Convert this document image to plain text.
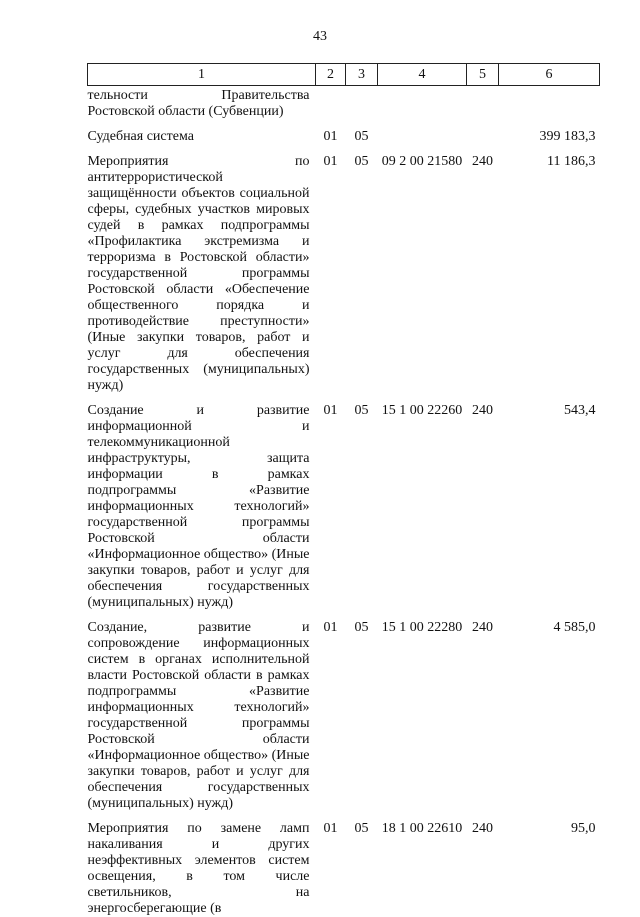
43
1	2	3	4	5	6
тельности Правительства Ростовской области (Субвенции)					

Судебная система	01	05			399 183,3

Мероприятия по антитеррористической защищённости объектов социальной сферы, судебных участков мировых судей в рамках подпрограммы «Профилактика экстремизма и терроризма в Ростовской области» государственной программы Ростовской области «Обеспечение общественного порядка и противодействие преступности» (Иные закупки товаров, работ и услуг для обеспечения государственных (муниципальных) нужд)	01	05	09 2 00 21580	240	11 186,3

Создание и развитие информационной и телекоммуникационной инфраструктуры, защита информации в рамках подпрограммы «Развитие информационных технологий» государственной программы Ростовской области «Информационное общество» (Иные закупки товаров, работ и услуг для обеспечения государственных (муниципальных) нужд)	01	05	15 1 00 22260	240	543,4

Создание, развитие и сопровождение информационных систем в органах исполнительной власти Ростовской области в рамках подпрограммы «Развитие информационных технологий» государственной программы Ростовской области «Информационное общество» (Иные закупки товаров, работ и услуг для обеспечения государственных (муниципальных) нужд)	01	05	15 1 00 22280	240	4 585,0

Мероприятия по замене ламп накаливания и других неэффективных элементов систем освещения, в том числе светильников, на энергосберегающие (в	01	05	18 1 00 22610	240	95,0
